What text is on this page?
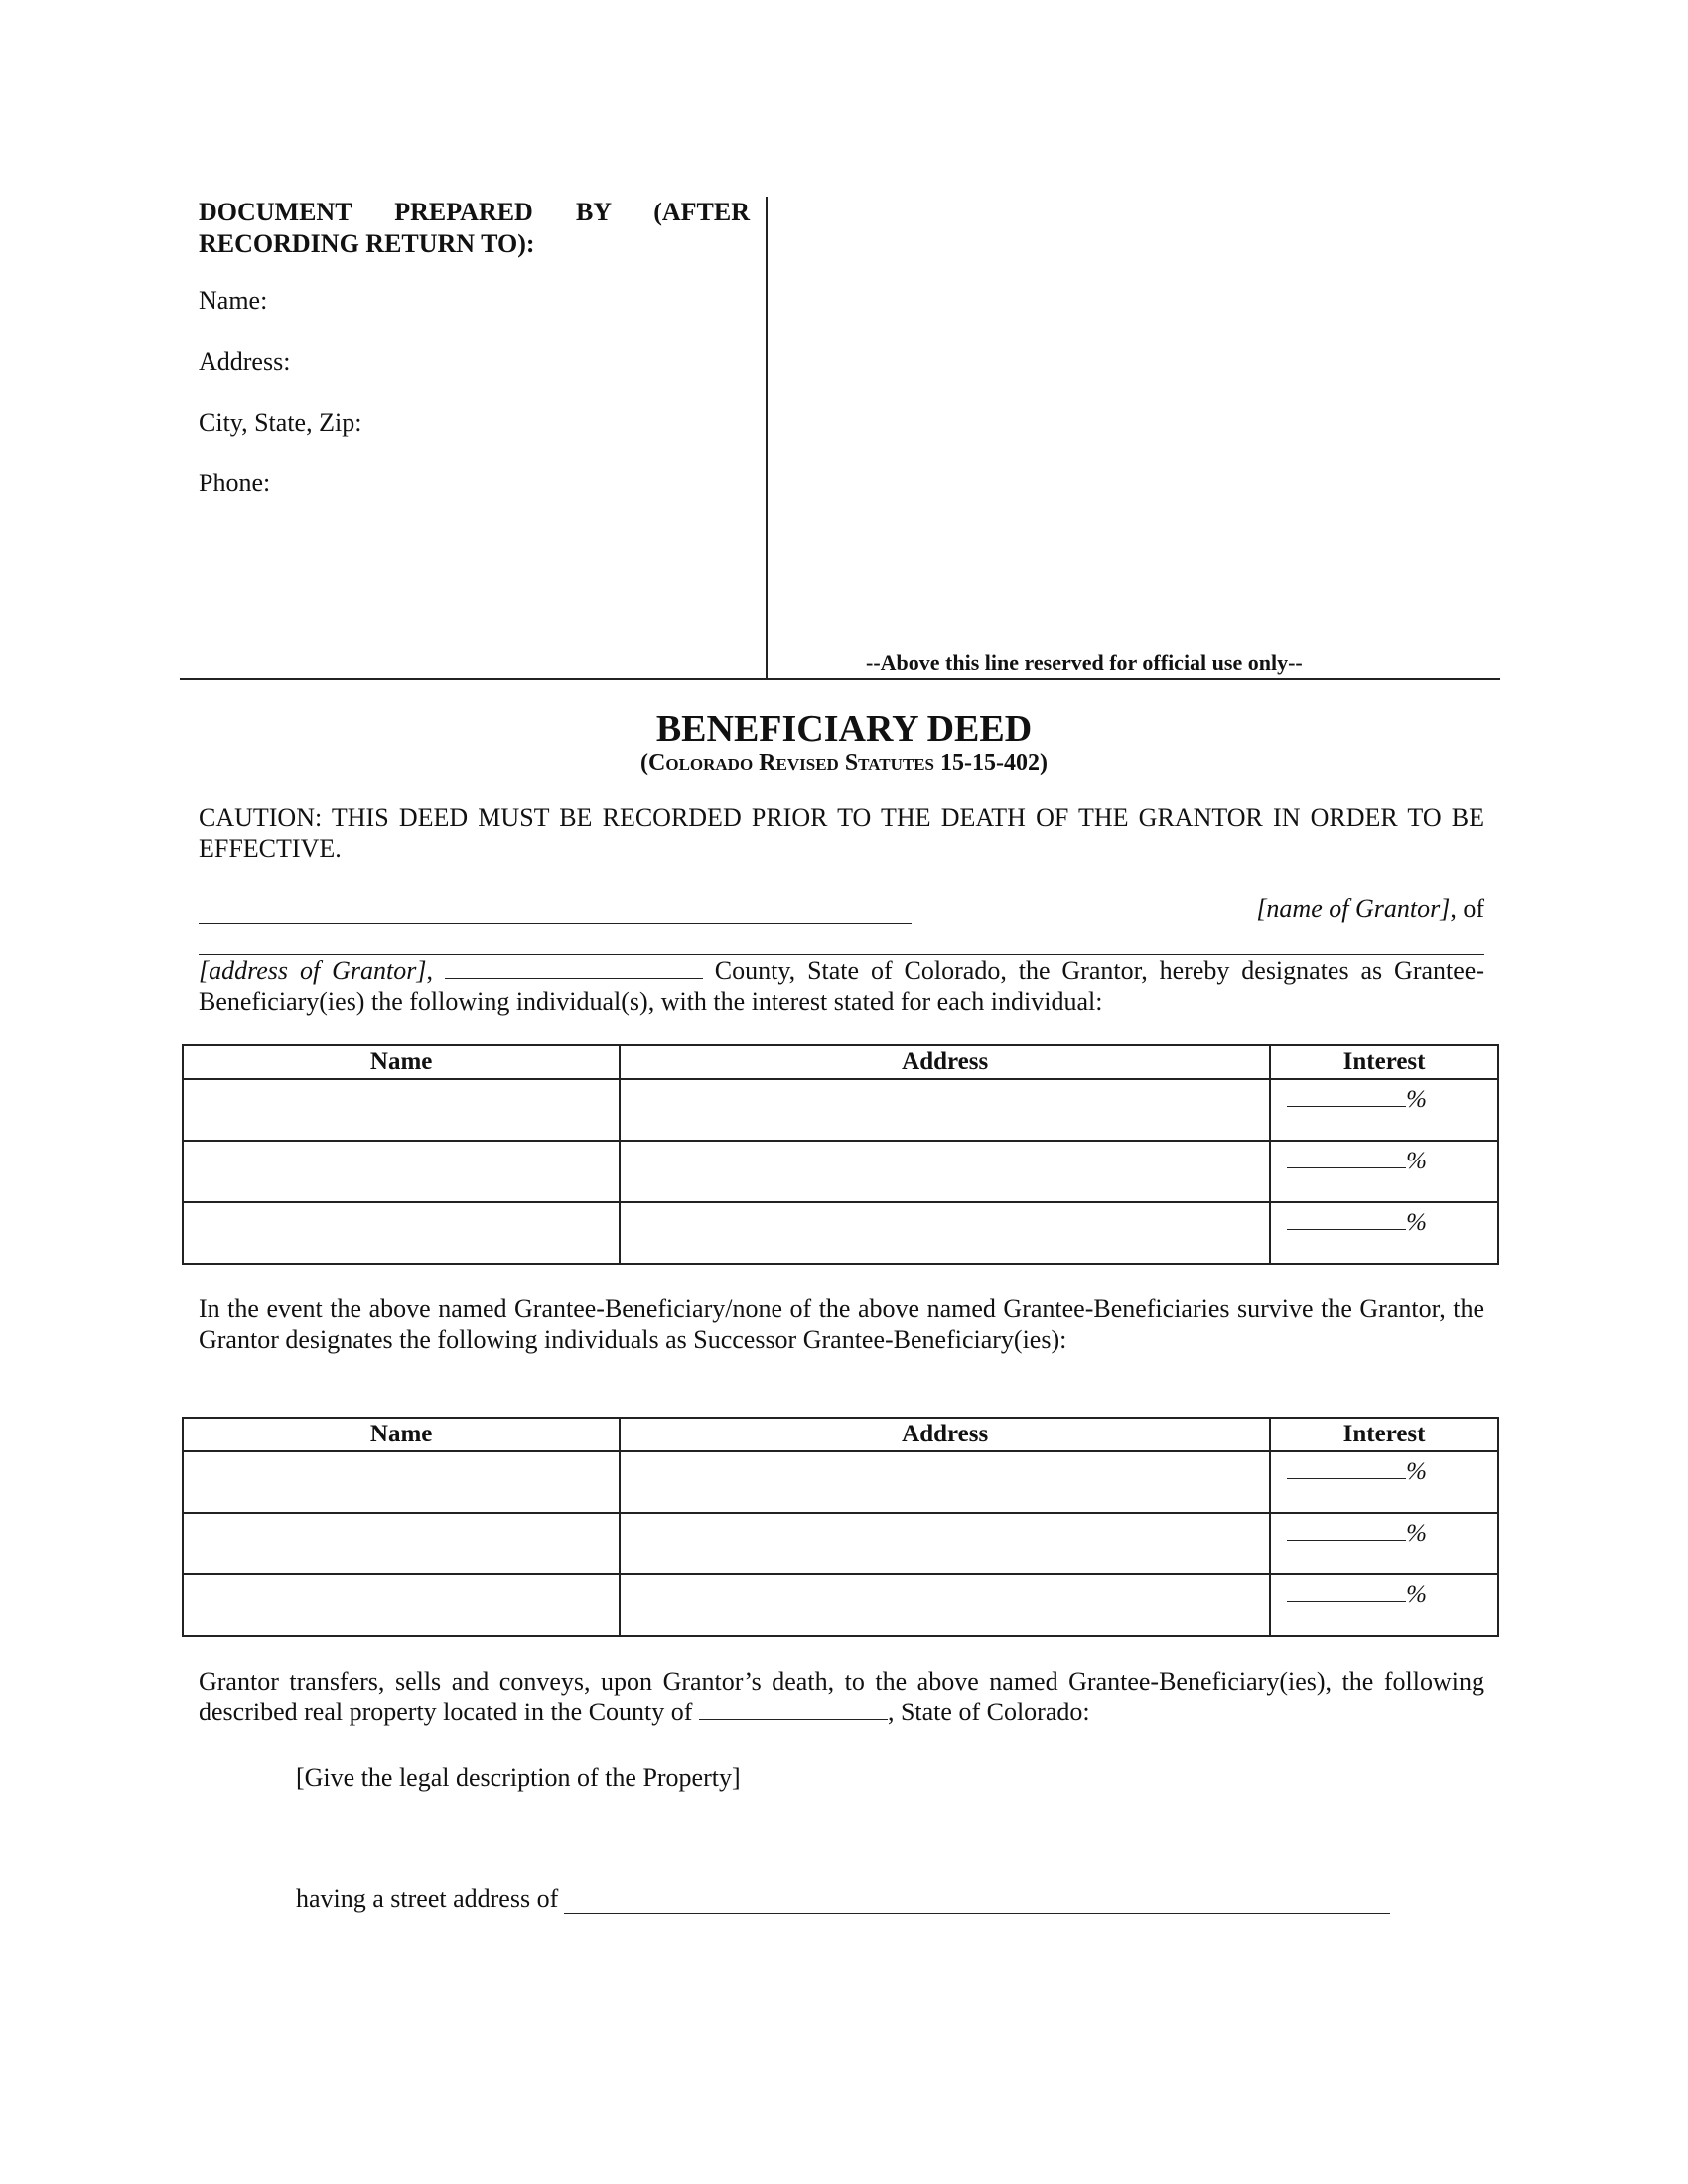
DOCUMENT PREPARED BY (AFTER RECORDING RETURN TO):
Name:
Address:
City, State, Zip:
Phone:
--Above this line reserved for official use only--
BENEFICIARY DEED
(Colorado Revised Statutes 15-15-402)
CAUTION: THIS DEED MUST BE RECORDED PRIOR TO THE DEATH OF THE GRANTOR IN ORDER TO BE EFFECTIVE.
[name of Grantor], of
[address of Grantor],	County, State of Colorado, the Grantor, hereby designates as Grantee-Beneficiary(ies) the following individual(s), with the interest stated for each individual:
Name	Address	Interest
		%
		%
		%
In the event the above named Grantee-Beneficiary/none of the above named Grantee-Beneficiaries survive the Grantor, the Grantor designates the following individuals as Successor Grantee-Beneficiary(ies):
Name	Address	Interest
		%
		%
		%
Grantor transfers, sells and conveys, upon Grantor’s death, to the above named Grantee-Beneficiary(ies), the following described real property located in the County of	, State of Colorado:
[Give the legal description of the Property]
having a street address of
